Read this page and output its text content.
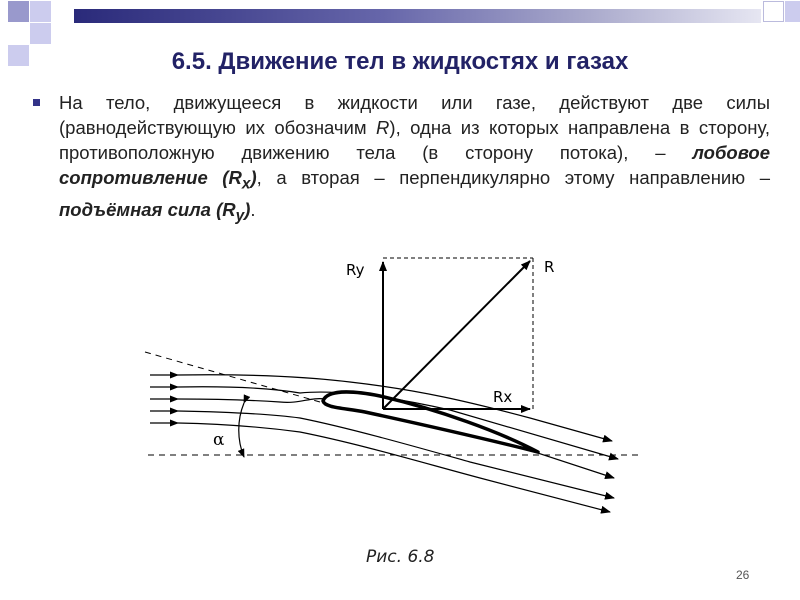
6.5. Движение тел в жидкостях и газах

На тело, движущееся в жидкости или газе, действуют две силы (равнодействующую их обозначим R), одна из которых направлена в сторону, противоположную движению тела (в сторону потока), – лобовое сопротивление $(R_x)$, а вторая – перпендикулярно этому направлению – подъёмная сила $(R_y)$.

Ry	R
Rx
α
Рис. 6.8
26
